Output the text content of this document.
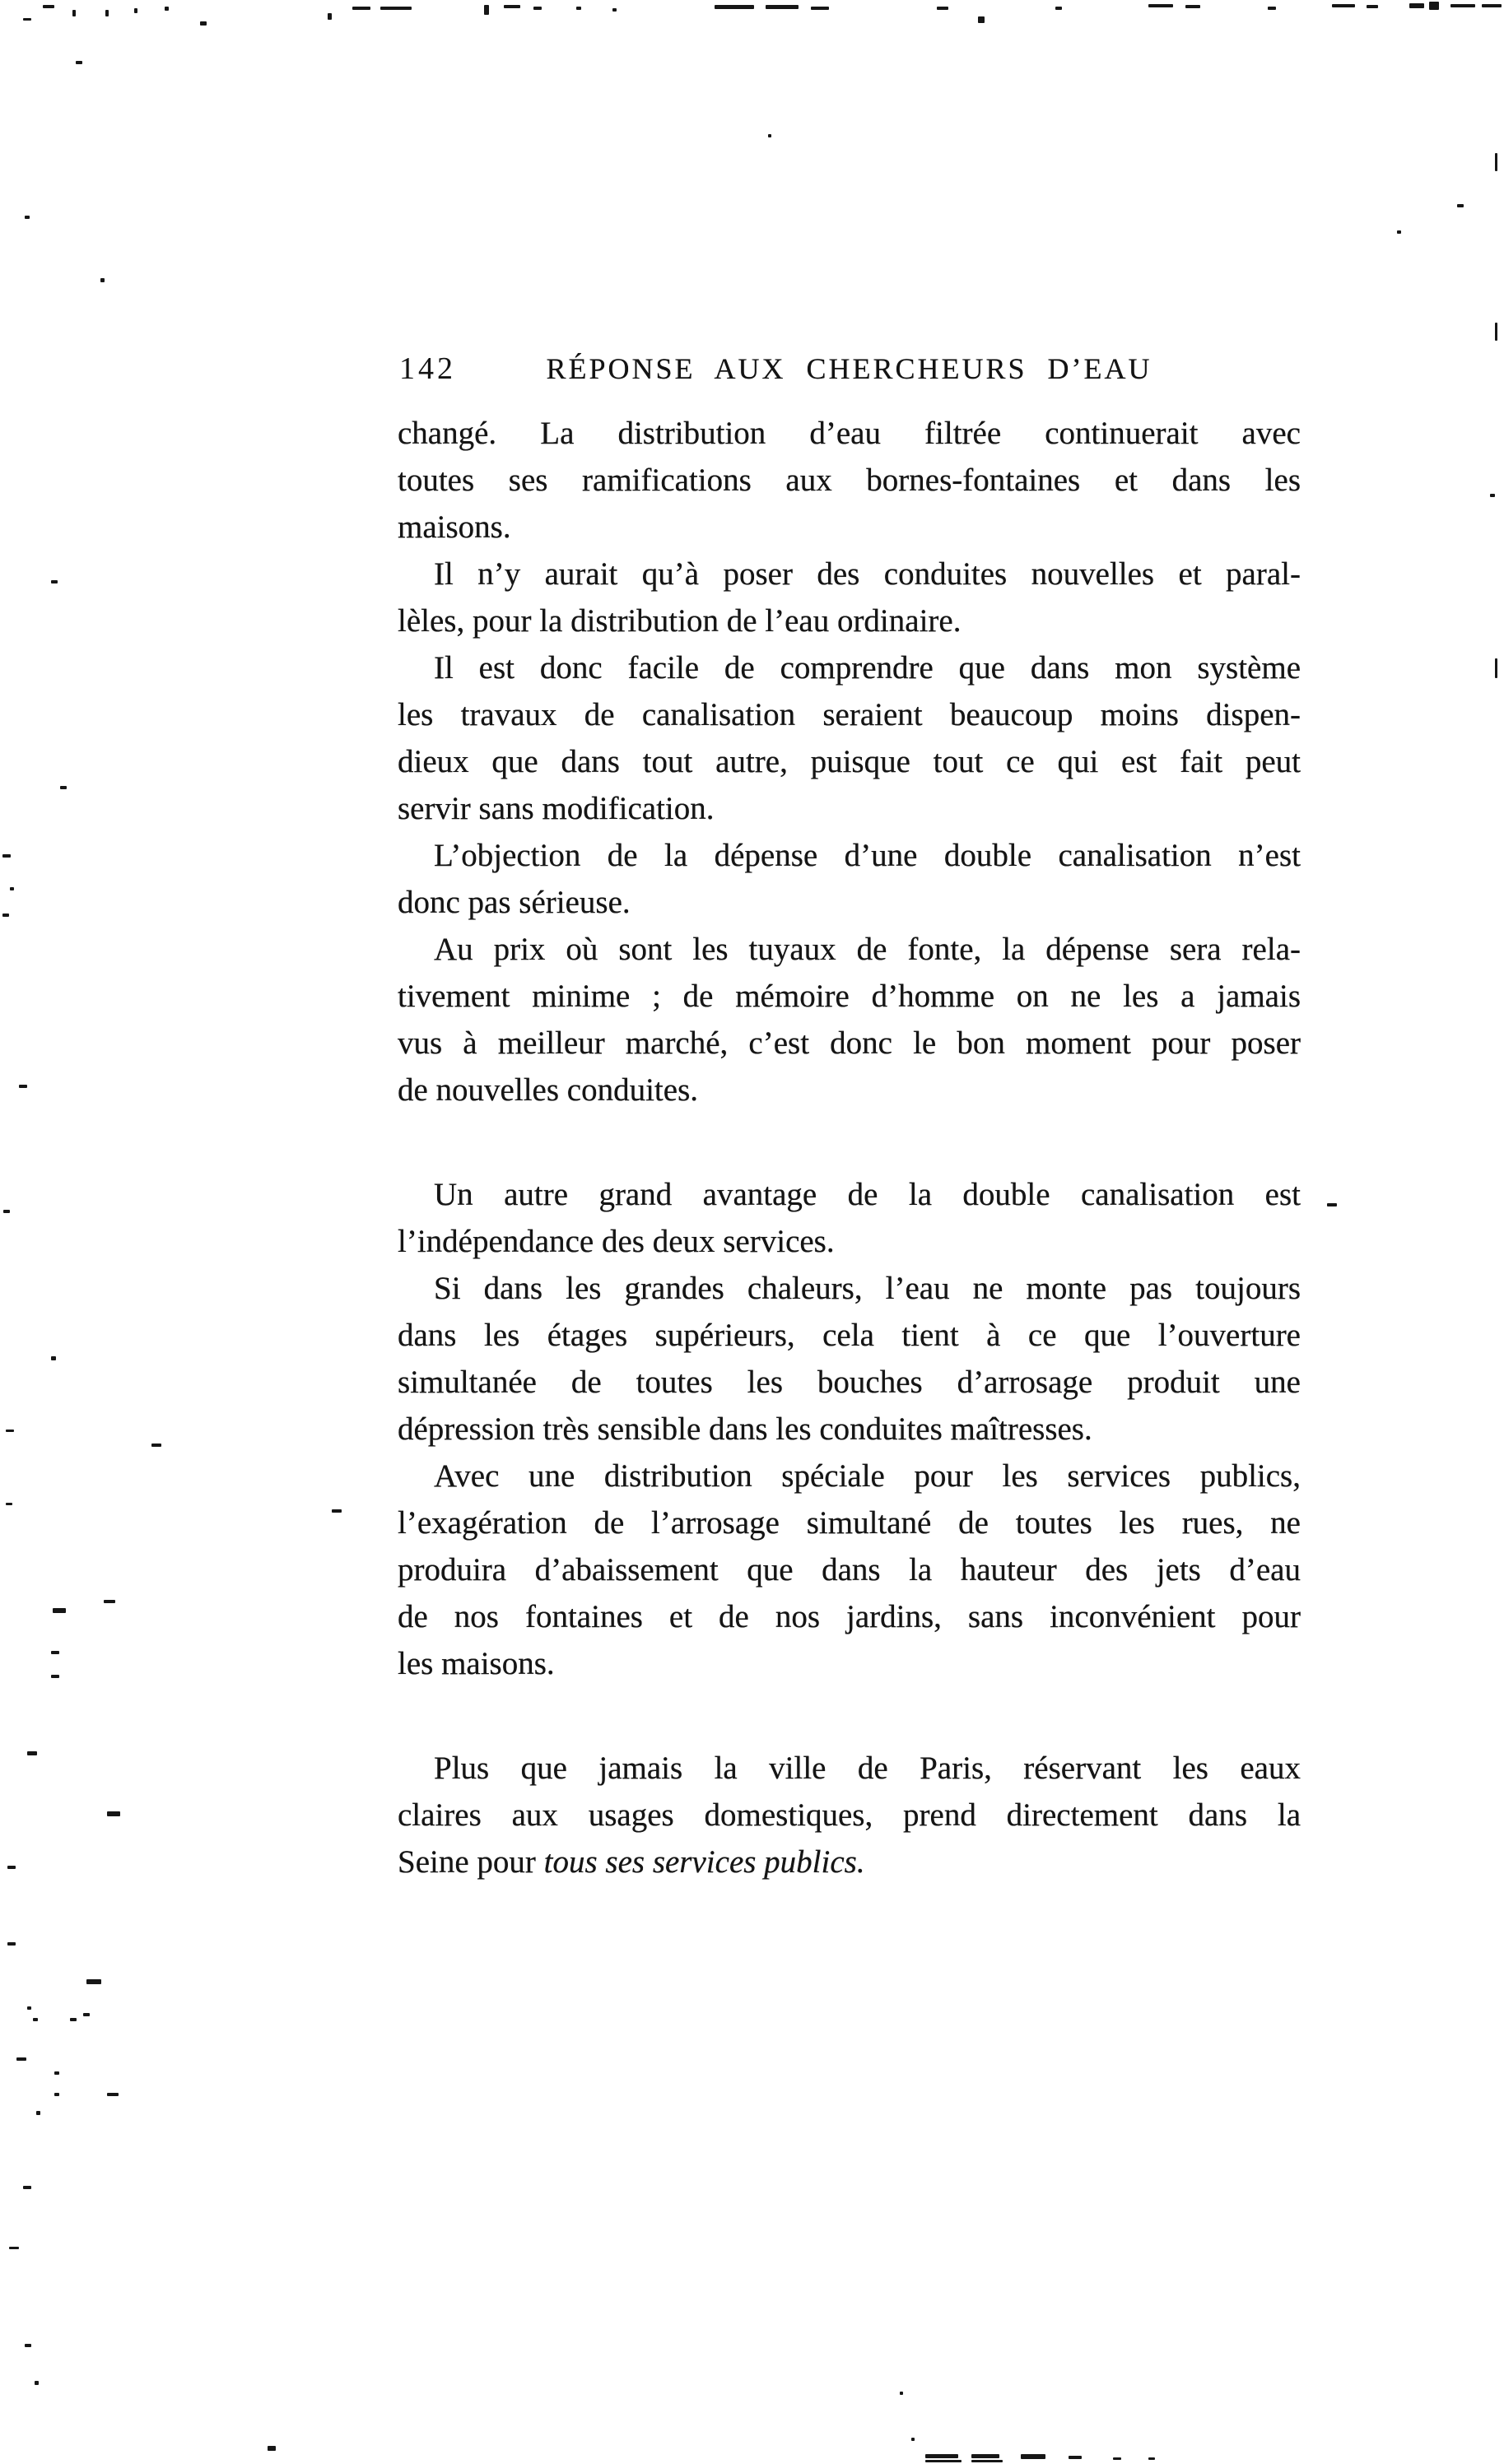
142	RÉPONSE AUX CHERCHEURS D’EAU
changé. La distribution d’eau filtrée continuerait avec
toutes ses ramifications aux bornes-fontaines et dans les
maisons.
Il n’y aurait qu’à poser des conduites nouvelles et paral-
lèles, pour la distribution de l’eau ordinaire.
Il est donc facile de comprendre que dans mon système
les travaux de canalisation seraient beaucoup moins dispen-
dieux que dans tout autre, puisque tout ce qui est fait peut
servir sans modification.
L’objection de la dépense d’une double canalisation n’est
donc pas sérieuse.
Au prix où sont les tuyaux de fonte, la dépense sera rela-
tivement minime ; de mémoire d’homme on ne les a jamais
vus à meilleur marché, c’est donc le bon moment pour poser
de nouvelles conduites.
Un autre grand avantage de la double canalisation est
l’indépendance des deux services.
Si dans les grandes chaleurs, l’eau ne monte pas toujours
dans les étages supérieurs, cela tient à ce que l’ouverture
simultanée de toutes les bouches d’arrosage produit une
dépression très sensible dans les conduites maîtresses.
Avec une distribution spéciale pour les services publics,
l’exagération de l’arrosage simultané de toutes les rues, ne
produira d’abaissement que dans la hauteur des jets d’eau
de nos fontaines et de nos jardins, sans inconvénient pour
les maisons.
Plus que jamais la ville de Paris, réservant les eaux
claires aux usages domestiques, prend directement dans la
Seine pour tous ses services publics.
